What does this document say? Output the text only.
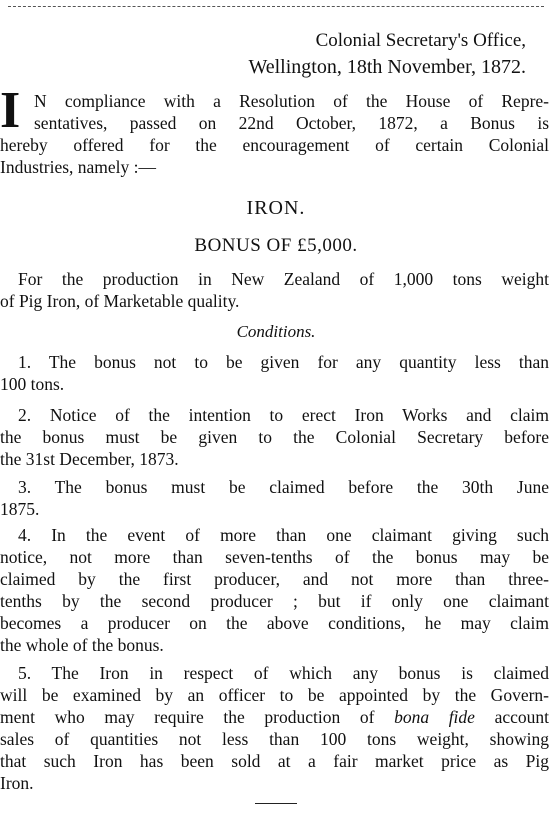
Colonial Secretary's Office,
Wellington, 18th November, 1872.
I N compliance with a Resolution of the House of Repre-
sentatives, passed on 22nd October, 1872, a Bonus is
hereby offered for the encouragement of certain Colonial
Industries, namely :—
IRON.
BONUS OF £5,000.
For the production in New Zealand of 1,000 tons weight
of Pig Iron, of Marketable quality.
Conditions.
1. The bonus not to be given for any quantity less than
100 tons.
2. Notice of the intention to erect Iron Works and claim
the bonus must be given to the Colonial Secretary before
the 31st December, 1873.
3. The bonus must be claimed before the 30th June
1875.
4. In the event of more than one claimant giving such
notice, not more than seven-tenths of the bonus may be
claimed by the first producer, and not more than three-
tenths by the second producer ; but if only one claimant
becomes a producer on the above conditions, he may claim
the whole of the bonus.
5. The Iron in respect of which any bonus is claimed
will be examined by an officer to be appointed by the Govern-
ment who may require the production of bona fide account
sales of quantities not less than 100 tons weight, showing
that such Iron has been sold at a fair market price as Pig
Iron.
